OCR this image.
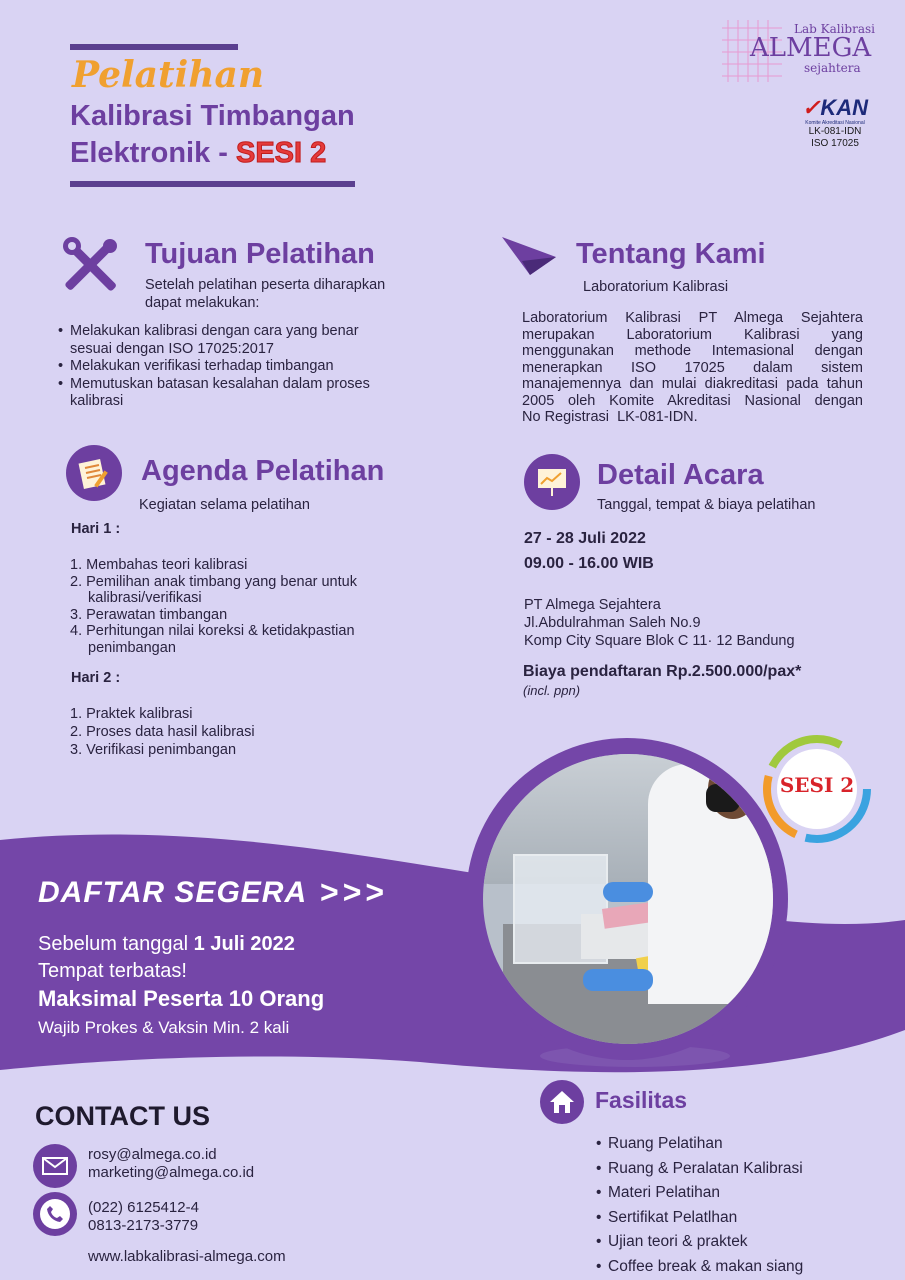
Pelatihan
Kalibrasi Timbangan
Elektronik - SESI 2
Lab Kalibrasi
ALMEGA
sejahtera
✓KAN
Komite Akreditasi Nasional
LK-081-IDN
ISO 17025
Tujuan Pelatihan
Setelah pelatihan peserta diharapkan
dapat melakukan:
• Melakukan kalibrasi dengan cara yang benar sesuai dengan ISO 17025:2017
• Melakukan verifikasi terhadap timbangan
• Memutuskan batasan kesalahan dalam proses kalibrasi
Tentang Kami
Laboratorium Kalibrasi
Laboratorium Kalibrasi PT Almega Sejahtera
merupakan Laboratorium Kalibrasi yang
menggunakan methode Intemasional dengan
menerapkan ISO 17025 dalam sistem
manajemennya dan mulai diakreditasi pada tahun
2005 oleh Komite Akreditasi Nasional dengan
No Registrasi  LK-081-IDN.
Agenda Pelatihan
Kegiatan selama pelatihan
Hari 1 :
1. Membahas teori kalibrasi
2. Pemilihan anak timbang yang benar untuk
kalibrasi/verifikasi
3. Perawatan timbangan
4. Perhitungan nilai koreksi & ketidakpastian
penimbangan
Hari 2 :
1. Praktek kalibrasi
2. Proses data hasil kalibrasi
3. Verifikasi penimbangan
Detail Acara
Tanggal, tempat & biaya pelatihan
27 - 28 Juli 2022
09.00 - 16.00 WIB
PT Almega Sejahtera
Jl.Abdulrahman Saleh No.9
Komp City Square Blok C 11· 12 Bandung
Biaya pendaftaran Rp.2.500.000/pax*
(incl. ppn)
SESI 2
DAFTAR SEGERA >>>
Sebelum tanggal 1 Juli 2022
Tempat terbatas!
Maksimal Peserta 10 Orang
Wajib Prokes & Vaksin Min. 2 kali
CONTACT US
rosy@almega.co.id
marketing@almega.co.id
(022) 6125412-4
0813-2173-3779
www.labkalibrasi-almega.com
Fasilitas
• Ruang Pelatihan
• Ruang & Peralatan Kalibrasi
• Materi Pelatihan
• Sertifikat Pelatlhan
• Ujian teori & praktek
• Coffee break & makan siang
